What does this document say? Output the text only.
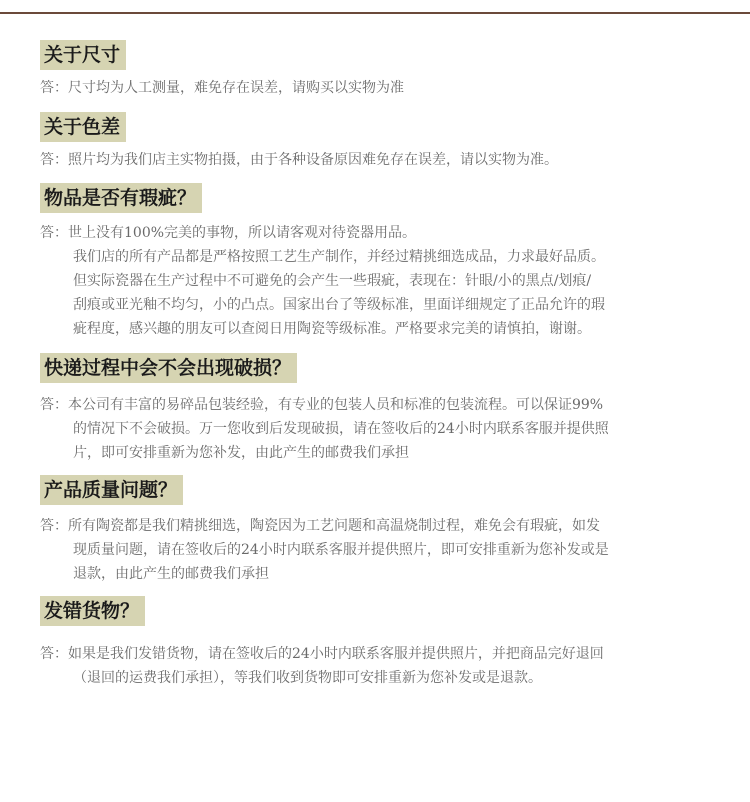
关于尺寸
答：尺寸均为人工测量，难免存在误差，请购买以实物为准
关于色差
答：照片均为我们店主实物拍摄，由于各种设备原因难免存在误差，请以实物为准。
物品是否有瑕疵？
答：世上没有100%完美的事物，所以请客观对待瓷器用品。
我们店的所有产品都是严格按照工艺生产制作，并经过精挑细选成品，力求最好品质。
但实际瓷器在生产过程中不可避免的会产生一些瑕疵，表现在：针眼/小的黑点/划痕/
刮痕或亚光釉不均匀，小的凸点。国家出台了等级标准，里面详细规定了正品允许的瑕
疵程度，感兴趣的朋友可以查阅日用陶瓷等级标准。严格要求完美的请慎拍，谢谢。
快递过程中会不会出现破损？
答：本公司有丰富的易碎品包装经验，有专业的包装人员和标准的包装流程。可以保证99%
的情况下不会破损。万一您收到后发现破损，请在签收后的24小时内联系客服并提供照
片，即可安排重新为您补发，由此产生的邮费我们承担
产品质量问题？
答：所有陶瓷都是我们精挑细选，陶瓷因为工艺问题和高温烧制过程，难免会有瑕疵，如发
现质量问题，请在签收后的24小时内联系客服并提供照片，即可安排重新为您补发或是
退款，由此产生的邮费我们承担
发错货物？
答：如果是我们发错货物，请在签收后的24小时内联系客服并提供照片，并把商品完好退回
（退回的运费我们承担），等我们收到货物即可安排重新为您补发或是退款。
